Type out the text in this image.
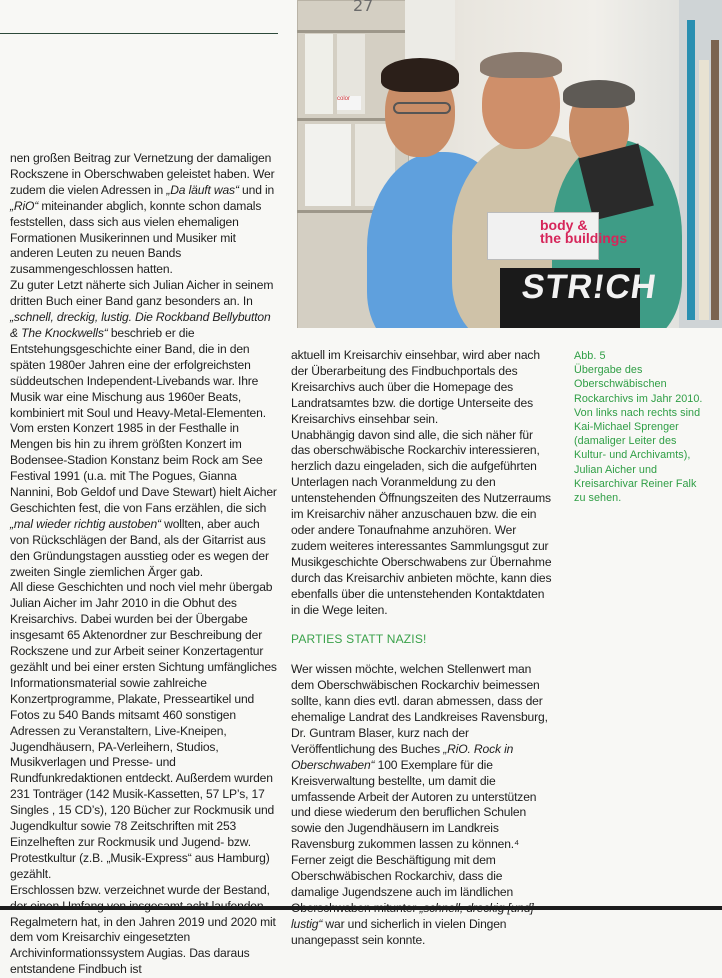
27
color
body &
the buildings
STR!CH

nen großen Beitrag zur Vernetzung der damaligen Rockszene in Oberschwaben geleistet haben. Wer zudem die vielen Adressen in „Da läuft was“ und in „RiO“ miteinander abglich, konnte schon damals feststellen, dass sich aus vielen ehemaligen Formationen Musikerinnen und Musiker mit anderen Leuten zu neuen Bands zusammengeschlossen hatten.

Zu guter Letzt näherte sich Julian Aicher in seinem dritten Buch einer Band ganz besonders an. In „schnell, dreckig, lustig. Die Rockband Bellybutton & The Knockwells“ beschrieb er die Entstehungsgeschichte einer Band, die in den späten 1980er Jahren eine der erfolgreichsten süddeutschen Independent-Livebands war. Ihre Musik war eine Mischung aus 1960er Beats, kombiniert mit Soul und Heavy-Metal-Elementen. Vom ersten Konzert 1985 in der Festhalle in Mengen bis hin zu ihrem größten Konzert im Bodensee-Stadion Konstanz beim Rock am See Festival 1991 (u.a. mit The Pogues, Gianna Nannini, Bob Geldof und Dave Stewart) hielt Aicher Geschichten fest, die von Fans erzählen, die sich „mal wieder richtig austoben“ wollten, aber auch von Rückschlägen der Band, als der Gitarrist aus den Gründungstagen ausstieg oder es wegen der zweiten Single ziemlichen Ärger gab.

All diese Geschichten und noch viel mehr übergab Julian Aicher im Jahr 2010 in die Obhut des Kreisarchivs. Dabei wurden bei der Übergabe insgesamt 65 Aktenordner zur Beschreibung der Rockszene und zur Arbeit seiner Konzertagentur gezählt und bei einer ersten Sichtung umfängliches Informationsmaterial sowie zahlreiche Konzertprogramme, Plakate, Presseartikel und Fotos zu 540 Bands mitsamt 460 sonstigen Adressen zu Veranstaltern, Live-Kneipen, Jugendhäusern, PA-Verleihern, Studios, Musikverlagen und Presse- und Rundfunkredaktionen entdeckt. Außerdem wurden 231 Tonträger (142 Musik-Kassetten, 57 LP’s, 17 Singles , 15 CD’s), 120 Bücher zur Rockmusik und Jugendkultur sowie 78 Zeitschriften mit 253 Einzelheften zur Rockmusik und Jugend- bzw. Protestkultur (z.B. „Musik-Express“ aus Hamburg) gezählt.

Erschlossen bzw. verzeichnet wurde der Bestand, Regalmetern hat, in den Jahren 2019 und 2020 mit dem vom Kreisarchiv eingesetzten Archivinformationssystem Augias. Das daraus entstandene Findbuch ist

aktuell im Kreisarchiv einsehbar, wird aber nach der Überarbeitung des Findbuchportals des Kreisarchivs auch über die Homepage des Landratsamtes bzw. die dortige Unterseite des Kreisarchivs einsehbar sein.

Unabhängig davon sind alle, die sich näher für das oberschwäbische Rockarchiv interessieren, herzlich dazu eingeladen, sich die aufgeführten Unterlagen nach Voranmeldung zu den untenstehenden Öffnungszeiten des Nutzerraums im Kreisarchiv näher anzuschauen bzw. die ein oder andere Tonaufnahme anzuhören. Wer zudem weiteres interessantes Sammlungsgut zur Musikgeschichte Oberschwabens zur Übernahme durch das Kreisarchiv anbieten möchte, kann dies ebenfalls über die untenstehenden Kontaktdaten in die Wege leiten.

PARTIES STATT NAZIS!

Wer wissen möchte, welchen Stellenwert man dem Oberschwäbischen Rockarchiv beimessen sollte, kann dies evtl. daran abmessen, dass der ehemalige Landrat des Landkreises Ravensburg, Dr. Guntram Blaser, kurz nach der Veröffentlichung des Buches „RiO. Rock in Oberschwaben“ 100 Exemplare für die Kreisverwaltung bestellte, um damit die umfassende Arbeit der Autoren zu unterstützen und diese wiederum den beruflichen Schulen sowie den Jugendhäusern im Landkreis Ravensburg zukommen lassen zu können.⁴

Ferner zeigt die Beschäftigung mit dem Oberschwäbischen Rockarchiv, dass die damalige Jugendszene auch im ländlichen lustig“ war und sicherlich in vielen Dingen unangepasst sein konnte.

Abb. 5
Übergabe des Oberschwäbischen Rockarchivs im Jahr 2010. Von links nach rechts sind Kai-Michael Sprenger (damaliger Leiter des Kultur- und Archivamts), Julian Aicher und Kreisarchivar Reiner Falk zu sehen.
